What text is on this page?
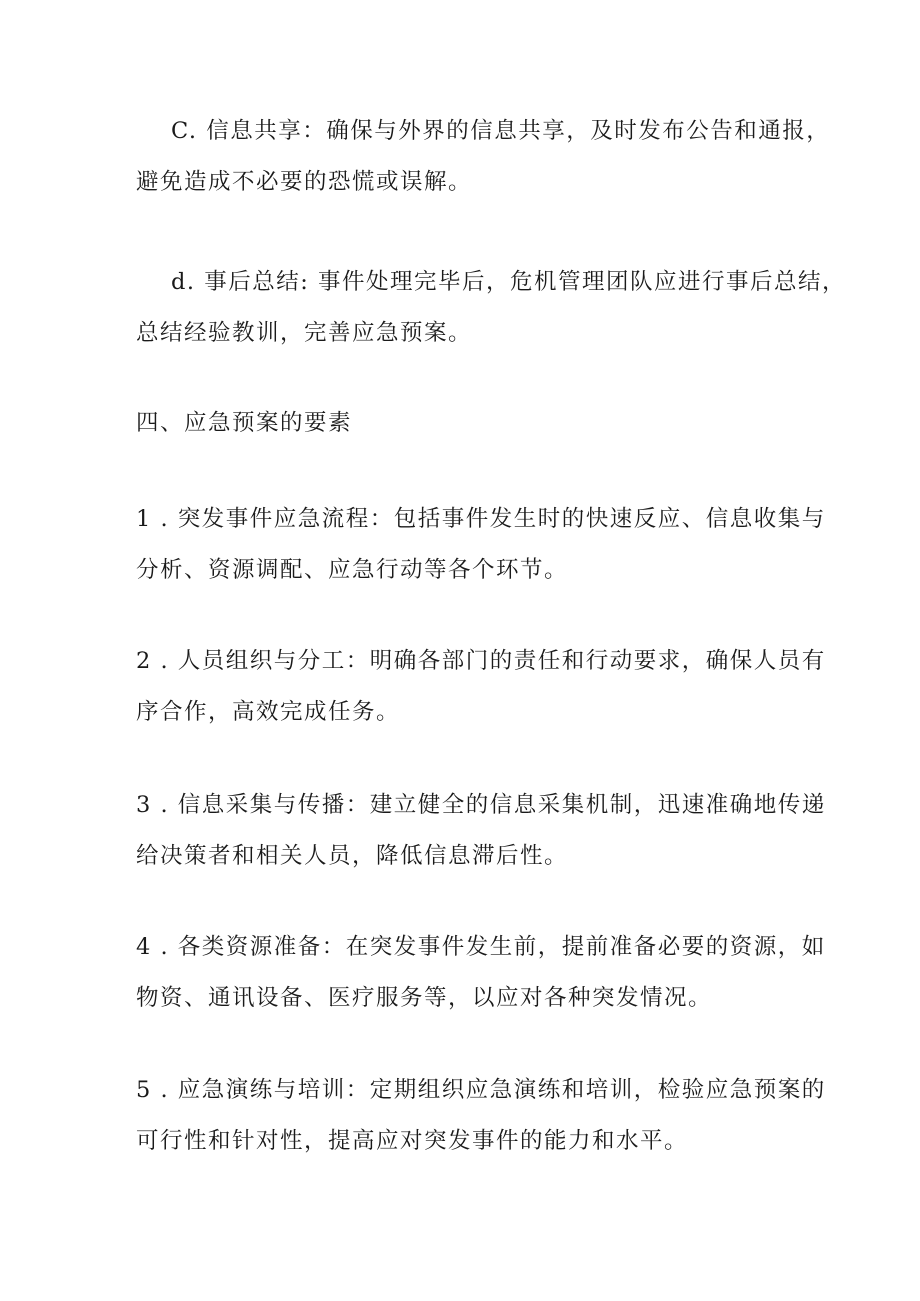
C. 信息共享：确保与外界的信息共享，及时发布公告和通报，
避免造成不必要的恐慌或误解。

d. 事后总结: 事件处理完毕后，危机管理团队应进行事后总结，
总结经验教训，完善应急预案。

四、应急预案的要素

1 . 突发事件应急流程：包括事件发生时的快速反应、信息收集与
分析、资源调配、应急行动等各个环节。

2 . 人员组织与分工：明确各部门的责任和行动要求，确保人员有
序合作，高效完成任务。

3 . 信息采集与传播：建立健全的信息采集机制，迅速准确地传递
给决策者和相关人员，降低信息滞后性。

4 . 各类资源准备：在突发事件发生前，提前准备必要的资源，如
物资、通讯设备、医疗服务等，以应对各种突发情况。

5 . 应急演练与培训：定期组织应急演练和培训，检验应急预案的
可行性和针对性，提高应对突发事件的能力和水平。
